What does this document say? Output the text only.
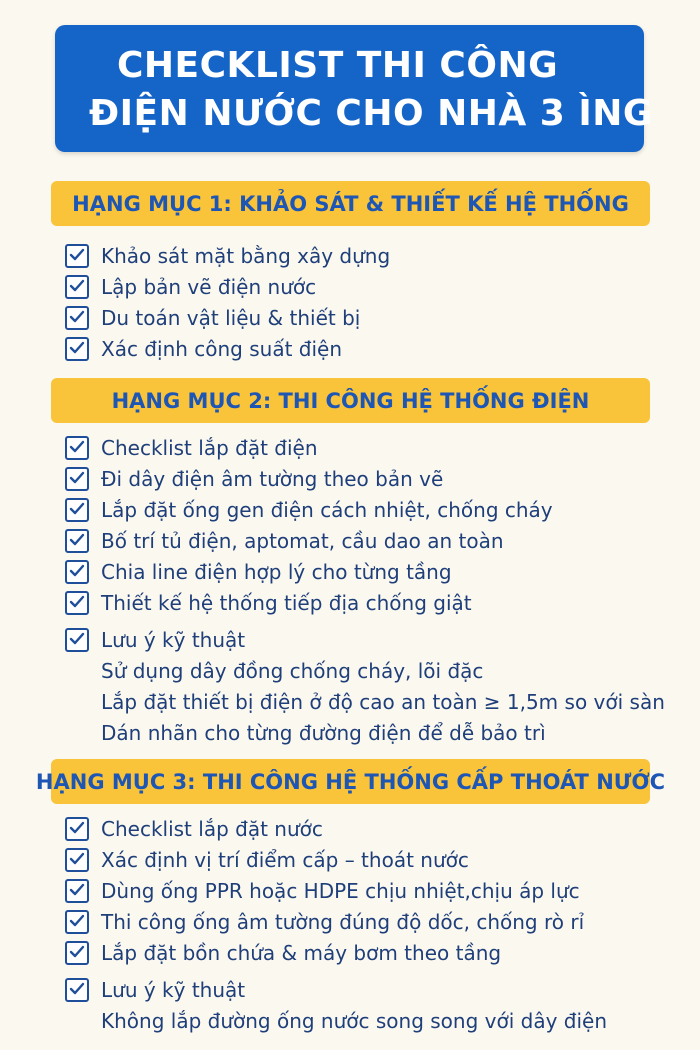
CHECKLIST THI CÔNG
ĐIỆN NƯỚC CHO NHÀ 3 ÌNG
HẠNG MỤC 1: KHẢO SÁT & THIẾT KẾ HỆ THỐNG
Khảo sát mặt bằng xây dựng
Lập bản vẽ điện nước
Du toán vật liệu & thiết bị
Xác định công suất điện
HẠNG MỤC 2: THI CÔNG HỆ THỐNG ĐIỆN
Checklist lắp đặt điện
Đi dây điện âm tường theo bản vẽ
Lắp đặt ống gen điện cách nhiệt, chống cháy
Bố trí tủ điện, aptomat, cầu dao an toàn
Chia line điện hợp lý cho từng tầng
Thiết kế hệ thống tiếp địa chống giật
Lưu ý kỹ thuật
Sử dụng dây đồng chống cháy, lõi đặc
Lắp đặt thiết bị điện ở độ cao an toàn ≥ 1,5m so với sàn
Dán nhãn cho từng đường điện để dễ bảo trì
HẠNG MỤC 3: THI CÔNG HỆ THỐNG CẤP THOÁT NƯỚC
Checklist lắp đặt nước
Xác định vị trí điểm cấp – thoát nước
Dùng ống PPR hoặc HDPE chịu nhiệt,chịu áp lực
Thi công ống âm tường đúng độ dốc, chống rò rỉ
Lắp đặt bồn chứa & máy bơm theo tầng
Lưu ý kỹ thuật
Không lắp đường ống nước song song với dây điện
